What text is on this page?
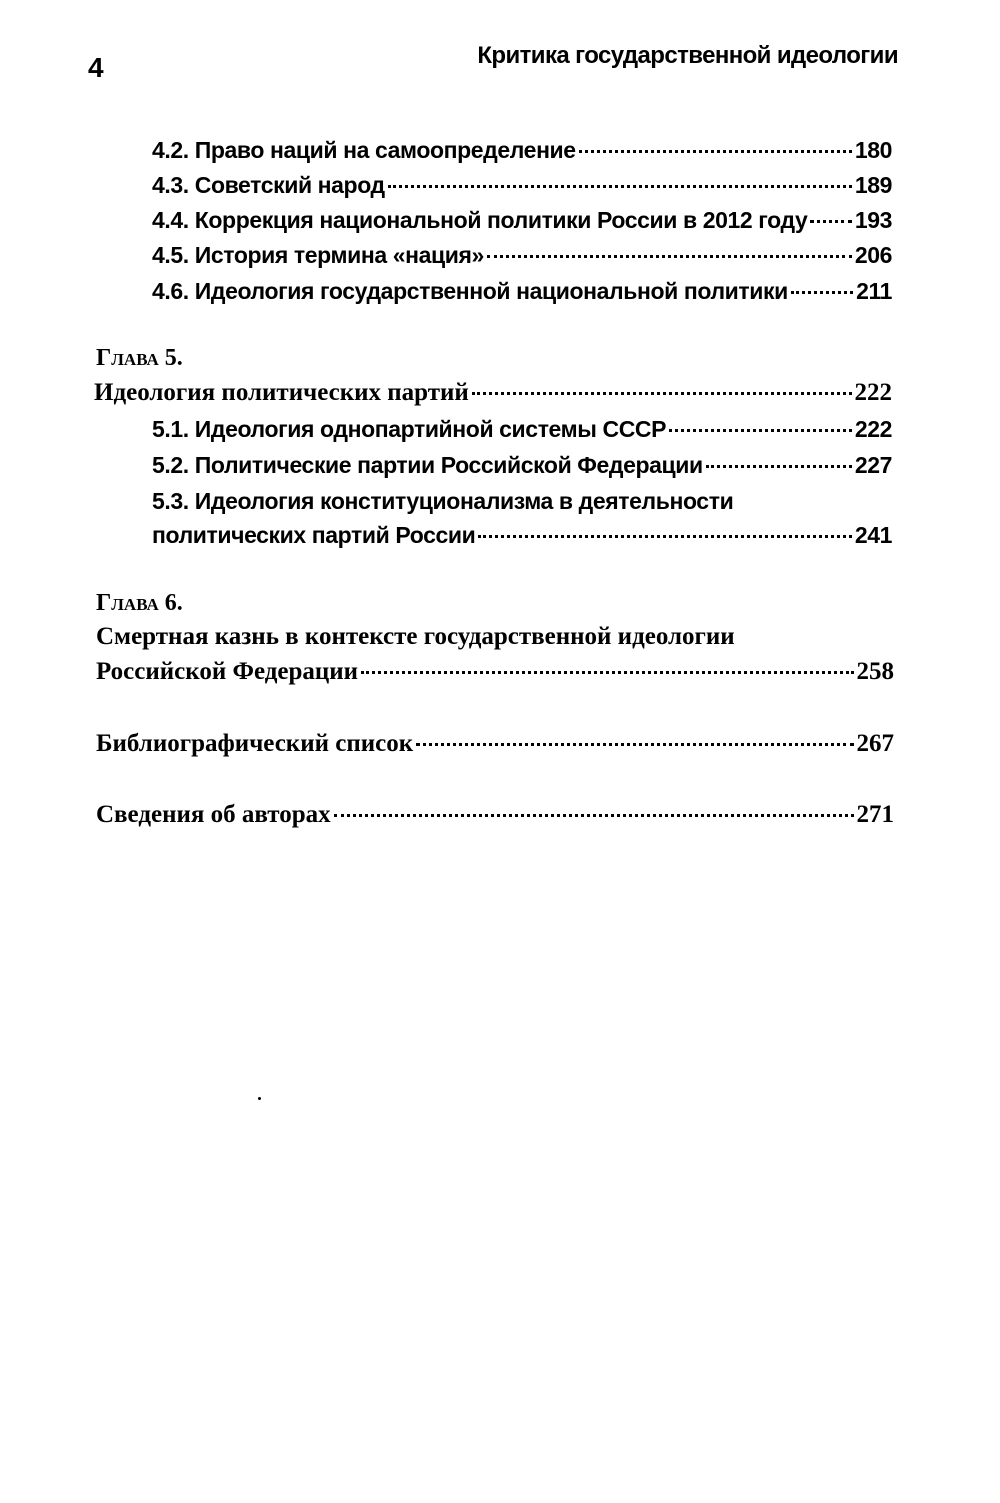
4	Критика государственной идеологии
4.2. Право наций на самоопределение	180
4.3. Советский народ	189
4.4. Коррекция национальной политики России в 2012 году 193
4.5. История термина «нация»	206
4.6. Идеология государственной национальной политики	211
Глава 5.
Идеология политических партий	222
5.1. Идеология однопартийной системы СССР	222
5.2. Политические партии Российской Федерации	227
5.3. Идеология конституционализма в деятельности
политических партий России	241
Глава 6.
Смертная казнь в контексте государственной идеологии
Российской Федерации	258
Библиографический список	267
Сведения об авторах	271
